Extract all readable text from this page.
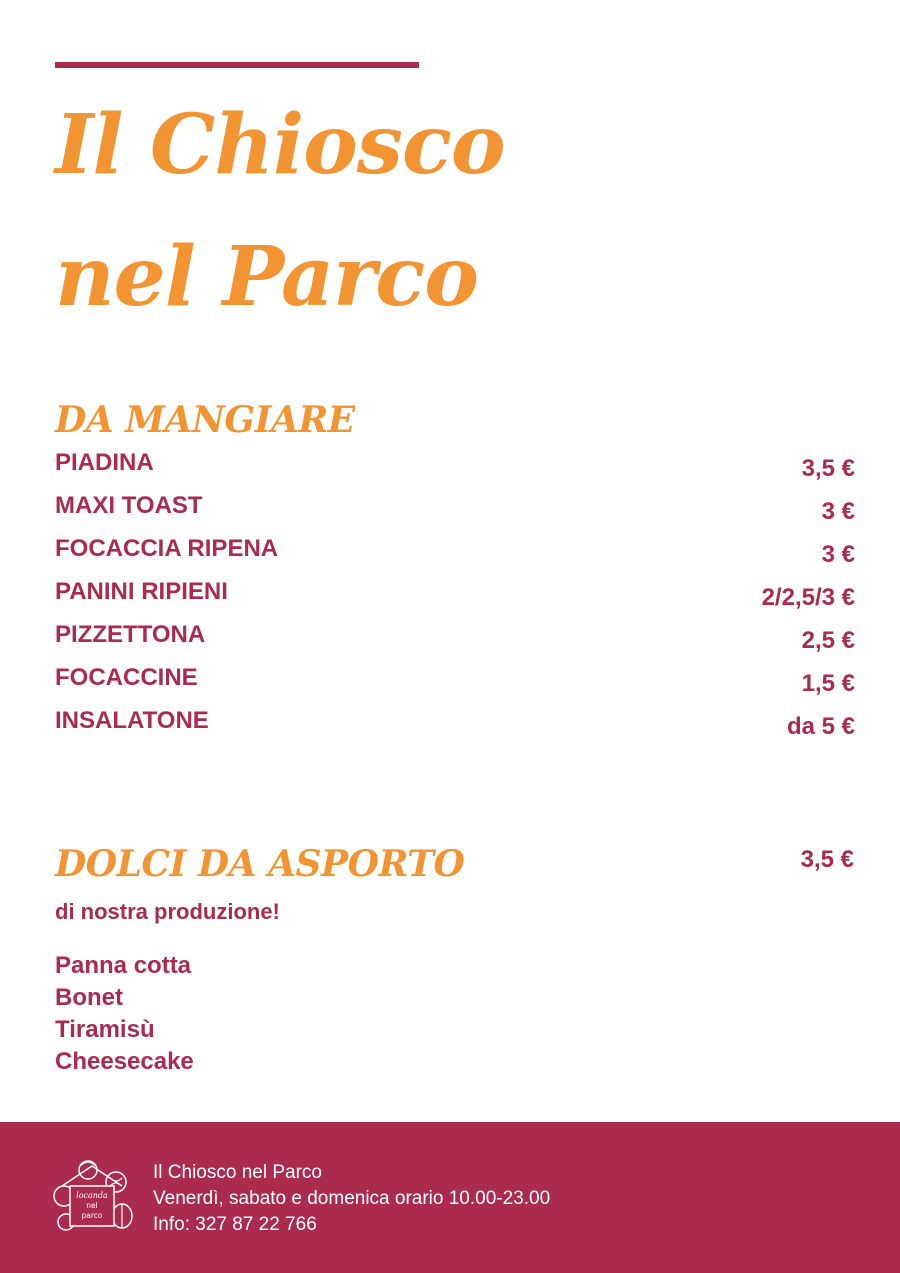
Il Chiosco
nel Parco
DA MANGIARE
PIADINA	3,5 €
MAXI TOAST	3 €
FOCACCIA RIPENA	3 €
PANINI RIPIENI	2/2,5/3 €
PIZZETTONA	2,5 €
FOCACCINE	1,5 €
INSALATONE	da 5 €
DOLCI DA ASPORTO	3,5 €
di nostra produzione!
Panna cotta
Bonet
Tiramisù
Cheesecake
locanda
nel
parco
Il Chiosco nel Parco
Venerdì, sabato e domenica orario 10.00-23.00
Info: 327 87 22 766
